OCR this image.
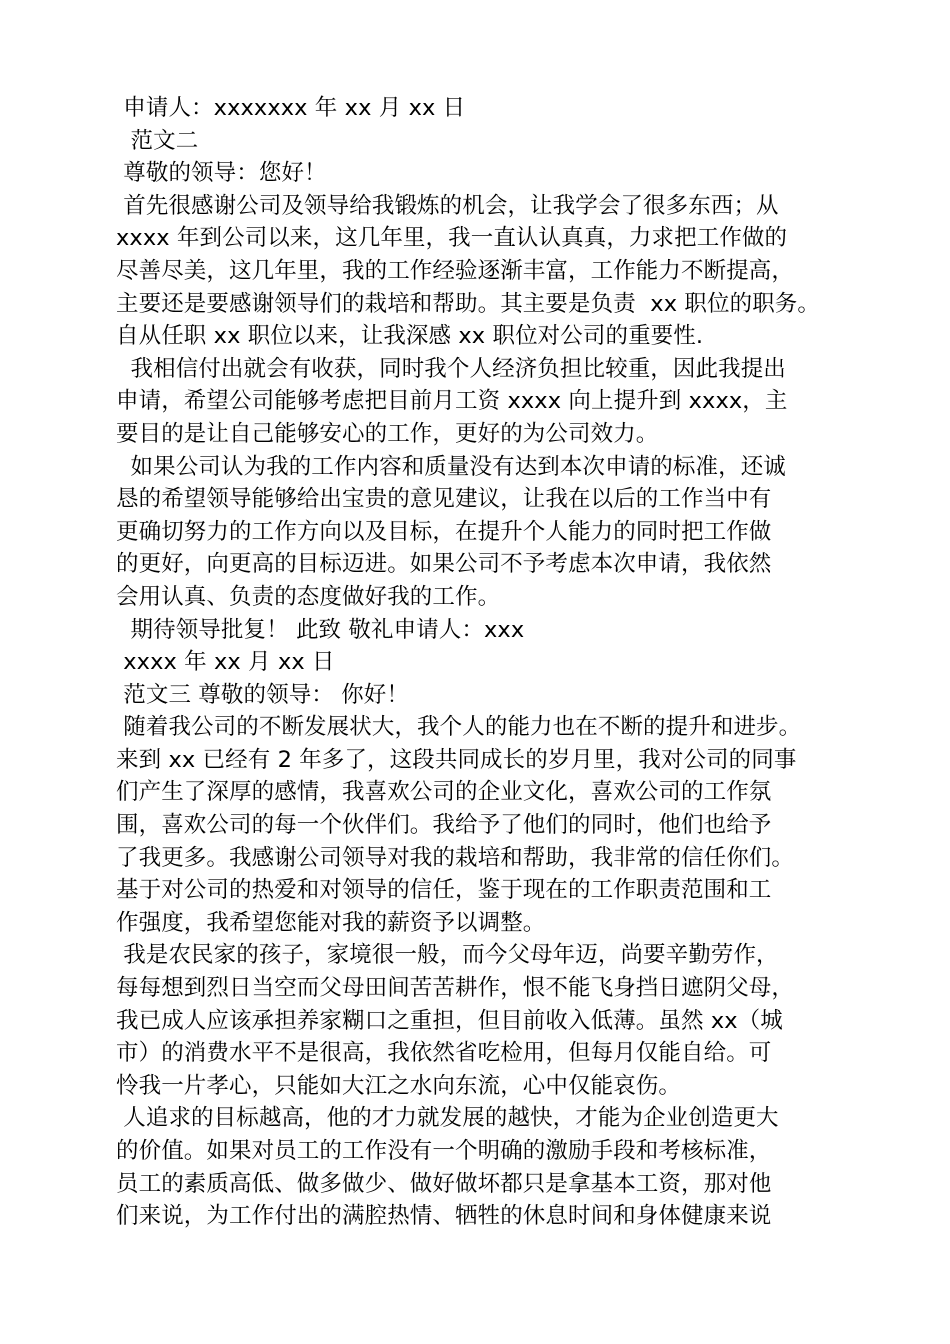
申请人：xxxxxxx 年 xx 月 xx 日
范文二
尊敬的领导：您好！
首先很感谢公司及领导给我锻炼的机会，让我学会了很多东西；从
xxxx 年到公司以来，这几年里，我一直认认真真，力求把工作做的
尽善尽美，这几年里，我的工作经验逐渐丰富，工作能力不断提高，
主要还是要感谢领导们的栽培和帮助。其主要是负责  xx 职位的职务。
自从任职 xx 职位以来，让我深感 xx 职位对公司的重要性.
我相信付出就会有收获，同时我个人经济负担比较重，因此我提出
申请，希望公司能够考虑把目前月工资 xxxx 向上提升到 xxxx，主
要目的是让自己能够安心的工作，更好的为公司效力。
如果公司认为我的工作内容和质量没有达到本次申请的标准，还诚
恳的希望领导能够给出宝贵的意见建议，让我在以后的工作当中有
更确切努力的工作方向以及目标，在提升个人能力的同时把工作做
的更好，向更高的目标迈进。如果公司不予考虑本次申请，我依然
会用认真、负责的态度做好我的工作。
期待领导批复！ 此致 敬礼申请人：xxx
xxxx 年 xx 月 xx 日
范文三 尊敬的领导： 你好！
随着我公司的不断发展状大，我个人的能力也在不断的提升和进步。
来到 xx 已经有 2 年多了，这段共同成长的岁月里，我对公司的同事
们产生了深厚的感情，我喜欢公司的企业文化，喜欢公司的工作氛
围，喜欢公司的每一个伙伴们。我给予了他们的同时，他们也给予
了我更多。我感谢公司领导对我的栽培和帮助，我非常的信任你们。
基于对公司的热爱和对领导的信任，鉴于现在的工作职责范围和工
作强度，我希望您能对我的薪资予以调整。
我是农民家的孩子，家境很一般，而今父母年迈，尚要辛勤劳作，
每每想到烈日当空而父母田间苦苦耕作，恨不能飞身挡日遮阴父母，
我已成人应该承担养家糊口之重担，但目前收入低薄。虽然 xx（城
市）的消费水平不是很高，我依然省吃检用，但每月仅能自给。可
怜我一片孝心，只能如大江之水向东流，心中仅能哀伤。
人追求的目标越高，他的才力就发展的越快，才能为企业创造更大
的价值。如果对员工的工作没有一个明确的激励手段和考核标准，
员工的素质高低、做多做少、做好做坏都只是拿基本工资，那对他
们来说，为工作付出的满腔热情、牺牲的休息时间和身体健康来说
